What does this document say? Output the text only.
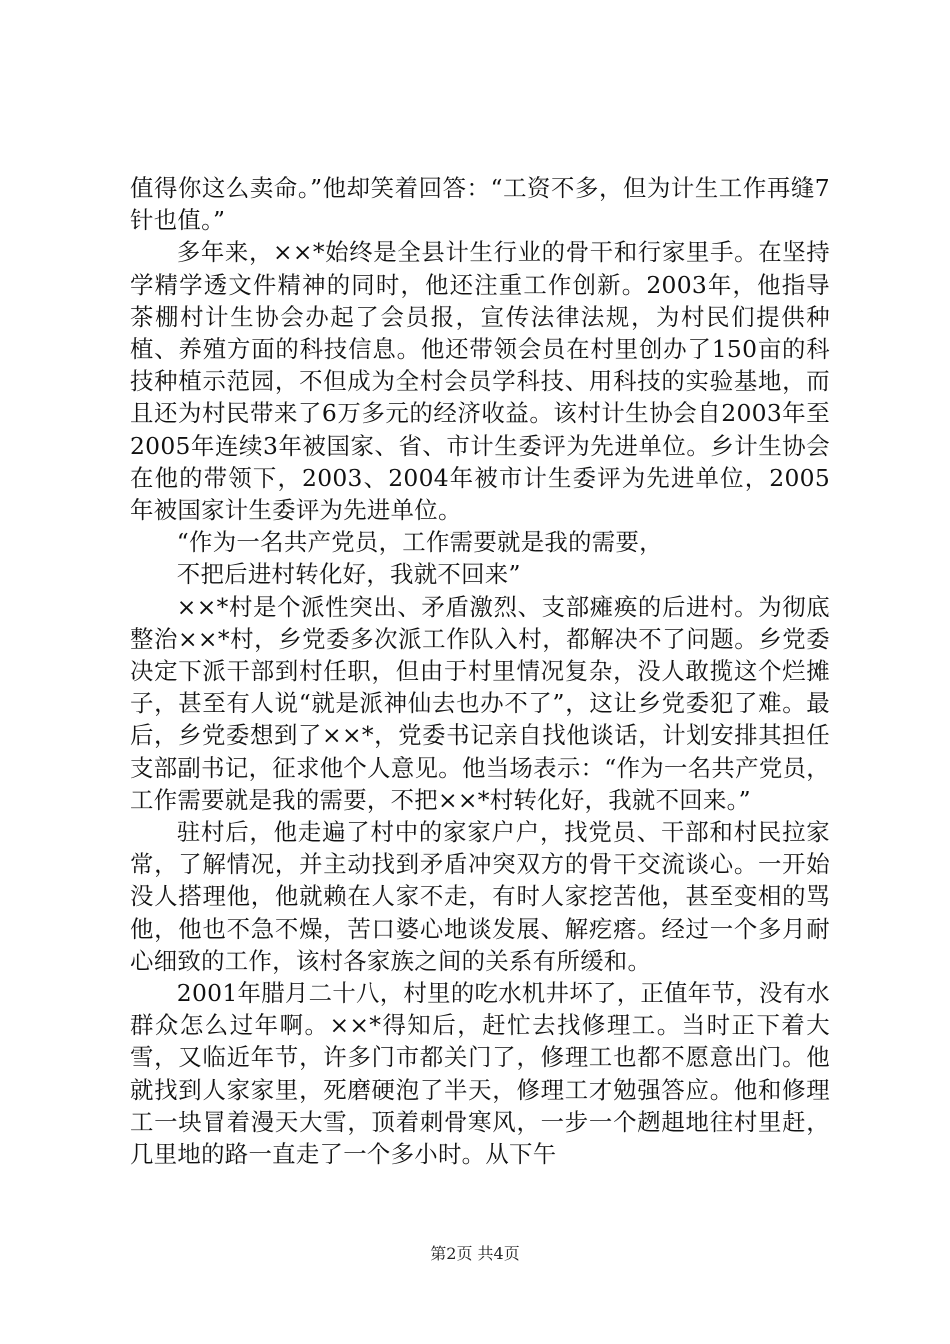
值得你这么卖命。”他却笑着回答：“工资不多，但为计生工作再缝7针也值。”

多年来，××*始终是全县计生行业的骨干和行家里手。在坚持学精学透文件精神的同时，他还注重工作创新。2003年，他指导茶棚村计生协会办起了会员报，宣传法律法规，为村民们提供种植、养殖方面的科技信息。他还带领会员在村里创办了150亩的科技种植示范园，不但成为全村会员学科技、用科技的实验基地，而且还为村民带来了6万多元的经济收益。该村计生协会自2003年至2005年连续3年被国家、省、市计生委评为先进单位。乡计生协会在他的带领下，2003、2004年被市计生委评为先进单位，2005年被国家计生委评为先进单位。

“作为一名共产党员，工作需要就是我的需要，

不把后进村转化好，我就不回来”

××*村是个派性突出、矛盾激烈、支部瘫痪的后进村。为彻底整治××*村，乡党委多次派工作队入村，都解决不了问题。乡党委决定下派干部到村任职，但由于村里情况复杂，没人敢揽这个烂摊子，甚至有人说“就是派神仙去也办不了”，这让乡党委犯了难。最后，乡党委想到了××*，党委书记亲自找他谈话，计划安排其担任支部副书记，征求他个人意见。他当场表示：“作为一名共产党员，工作需要就是我的需要，不把××*村转化好，我就不回来。”

驻村后，他走遍了村中的家家户户，找党员、干部和村民拉家常，了解情况，并主动找到矛盾冲突双方的骨干交流谈心。一开始没人搭理他，他就赖在人家不走，有时人家挖苦他，甚至变相的骂他，他也不急不燥，苦口婆心地谈发展、解疙瘩。经过一个多月耐心细致的工作，该村各家族之间的关系有所缓和。

2001年腊月二十八，村里的吃水机井坏了，正值年节，没有水群众怎么过年啊。××*得知后，赶忙去找修理工。当时正下着大雪，又临近年节，许多门市都关门了，修理工也都不愿意出门。他就找到人家家里，死磨硬泡了半天，修理工才勉强答应。他和修理工一块冒着漫天大雪，顶着刺骨寒风，一步一个趔趄地往村里赶，几里地的路一直走了一个多小时。从下午

第2页 共4页
